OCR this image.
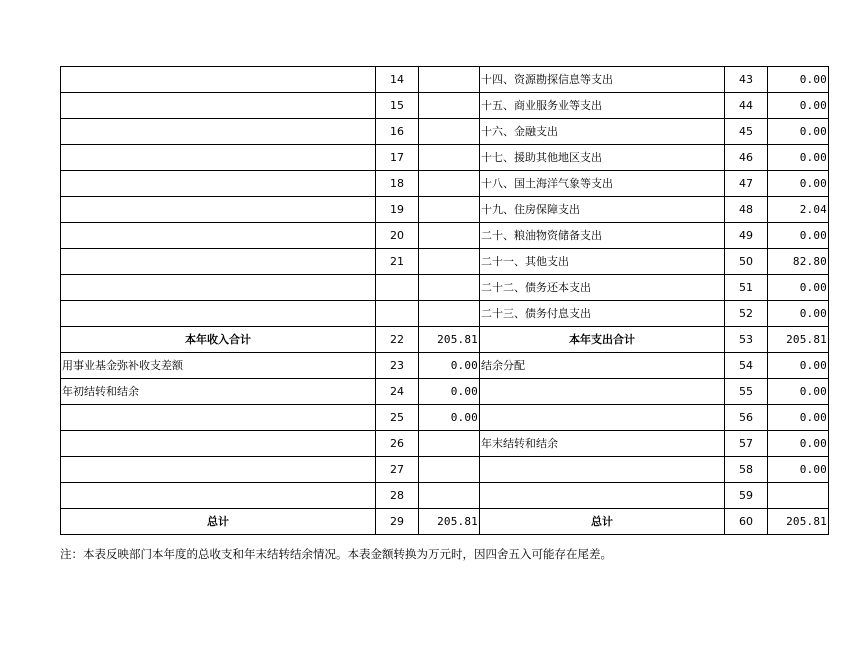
	14		十四、资源勘探信息等支出	43	0.00
	15		十五、商业服务业等支出	44	0.00
	16		十六、金融支出	45	0.00
	17		十七、援助其他地区支出	46	0.00
	18		十八、国土海洋气象等支出	47	0.00
	19		十九、住房保障支出	48	2.04
	20		二十、粮油物资储备支出	49	0.00
	21		二十一、其他支出	50	82.80
			二十二、债务还本支出	51	0.00
			二十三、债务付息支出	52	0.00
本年收入合计	22	205.81	本年支出合计	53	205.81
用事业基金弥补收支差额	23	0.00	结余分配	54	0.00
年初结转和结余	24	0.00		55	0.00
	25	0.00		56	0.00
	26		年末结转和结余	57	0.00
	27			58	0.00
	28			59	
总计	29	205.81	总计	60	205.81
注：本表反映部门本年度的总收支和年末结转结余情况。本表金额转换为万元时，因四舍五入可能存在尾差。
